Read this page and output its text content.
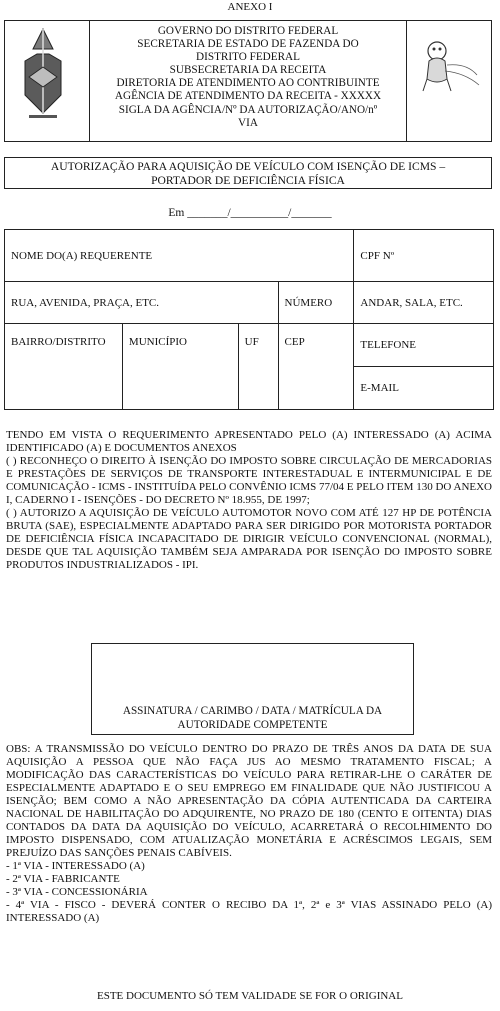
ANEXO I
GOVERNO DO DISTRITO FEDERAL
SECRETARIA DE ESTADO DE FAZENDA DO
DISTRITO FEDERAL
SUBSECRETARIA DA RECEITA
DIRETORIA DE ATENDIMENTO AO CONTRIBUINTE
AGÊNCIA DE ATENDIMENTO DA RECEITA - XXXXX
SIGLA DA AGÊNCIA/Nº DA AUTORIZAÇÃO/ANO/nº
VIA
AUTORIZAÇÃO PARA AQUISIÇÃO DE VEÍCULO COM ISENÇÃO DE ICMS –
PORTADOR DE DEFICIÊNCIA FÍSICA
Em _______/__________/_______
NOME DO(A) REQUERENTE				CPF Nº
RUA, AVENIDA, PRAÇA, ETC.			NÚMERO	ANDAR, SALA, ETC.
BAIRRO/DISTRITO	MUNICÍPIO	UF	CEP	TELEFONE
				E-MAIL

TENDO EM VISTA O REQUERIMENTO APRESENTADO PELO (A) INTERESSADO (A) ACIMA IDENTIFICADO (A) E DOCUMENTOS ANEXOS

( ) RECONHEÇO O DIREITO À ISENÇÃO DO IMPOSTO SOBRE CIRCULAÇÃO DE MERCADORIAS E PRESTAÇÕES DE SERVIÇOS DE TRANSPORTE INTERESTADUAL E INTERMUNICIPAL E DE COMUNICAÇÃO - ICMS - INSTITUÍDA PELO CONVÊNIO ICMS 77/04 E PELO ITEM 130 DO ANEXO I, CADERNO I - ISENÇÕES - DO DECRETO Nº 18.955, DE 1997;

( ) AUTORIZO A AQUISIÇÃO DE VEÍCULO AUTOMOTOR NOVO COM ATÉ 127 HP DE POTÊNCIA BRUTA (SAE), ESPECIALMENTE ADAPTADO PARA SER DIRIGIDO POR MOTORISTA PORTADOR DE DEFICIÊNCIA FÍSICA INCAPACITADO DE DIRIGIR VEÍCULO CONVENCIONAL (NORMAL), DESDE QUE TAL AQUISIÇÃO TAMBÉM SEJA AMPARADA POR ISENÇÃO DO IMPOSTO SOBRE PRODUTOS INDUSTRIALIZADOS - IPI.

ASSINATURA / CARIMBO / DATA / MATRÍCULA DA
AUTORIDADE COMPETENTE

OBS: A TRANSMISSÃO DO VEÍCULO DENTRO DO PRAZO DE TRÊS ANOS DA DATA DE SUA AQUISIÇÃO A PESSOA QUE NÃO FAÇA JUS AO MESMO TRATAMENTO FISCAL; A MODIFICAÇÃO DAS CARACTERÍSTICAS DO VEÍCULO PARA RETIRAR-LHE O CARÁTER DE ESPECIALMENTE ADAPTADO E O SEU EMPREGO EM FINALIDADE QUE NÃO JUSTIFICOU A ISENÇÃO; BEM COMO A NÃO APRESENTAÇÃO DA CÓPIA AUTENTICADA DA CARTEIRA NACIONAL DE HABILITAÇÃO DO ADQUIRENTE, NO PRAZO DE 180 (CENTO E OITENTA) DIAS CONTADOS DA DATA DA AQUISIÇÃO DO VEÍCULO, ACARRETARÁ O RECOLHIMENTO DO IMPOSTO DISPENSADO, COM ATUALIZAÇÃO MONETÁRIA E ACRÉSCIMOS LEGAIS, SEM PREJUÍZO DAS SANÇÕES PENAIS CABÍVEIS.

- 1ª VIA - INTERESSADO (A)

- 2ª VIA - FABRICANTE

- 3ª VIA - CONCESSIONÁRIA

- 4ª VIA - FISCO - DEVERÁ CONTER O RECIBO DA 1ª, 2ª e 3ª VIAS ASSINADO PELO (A) INTERESSADO (A)

ESTE DOCUMENTO SÓ TEM VALIDADE SE FOR O ORIGINAL
